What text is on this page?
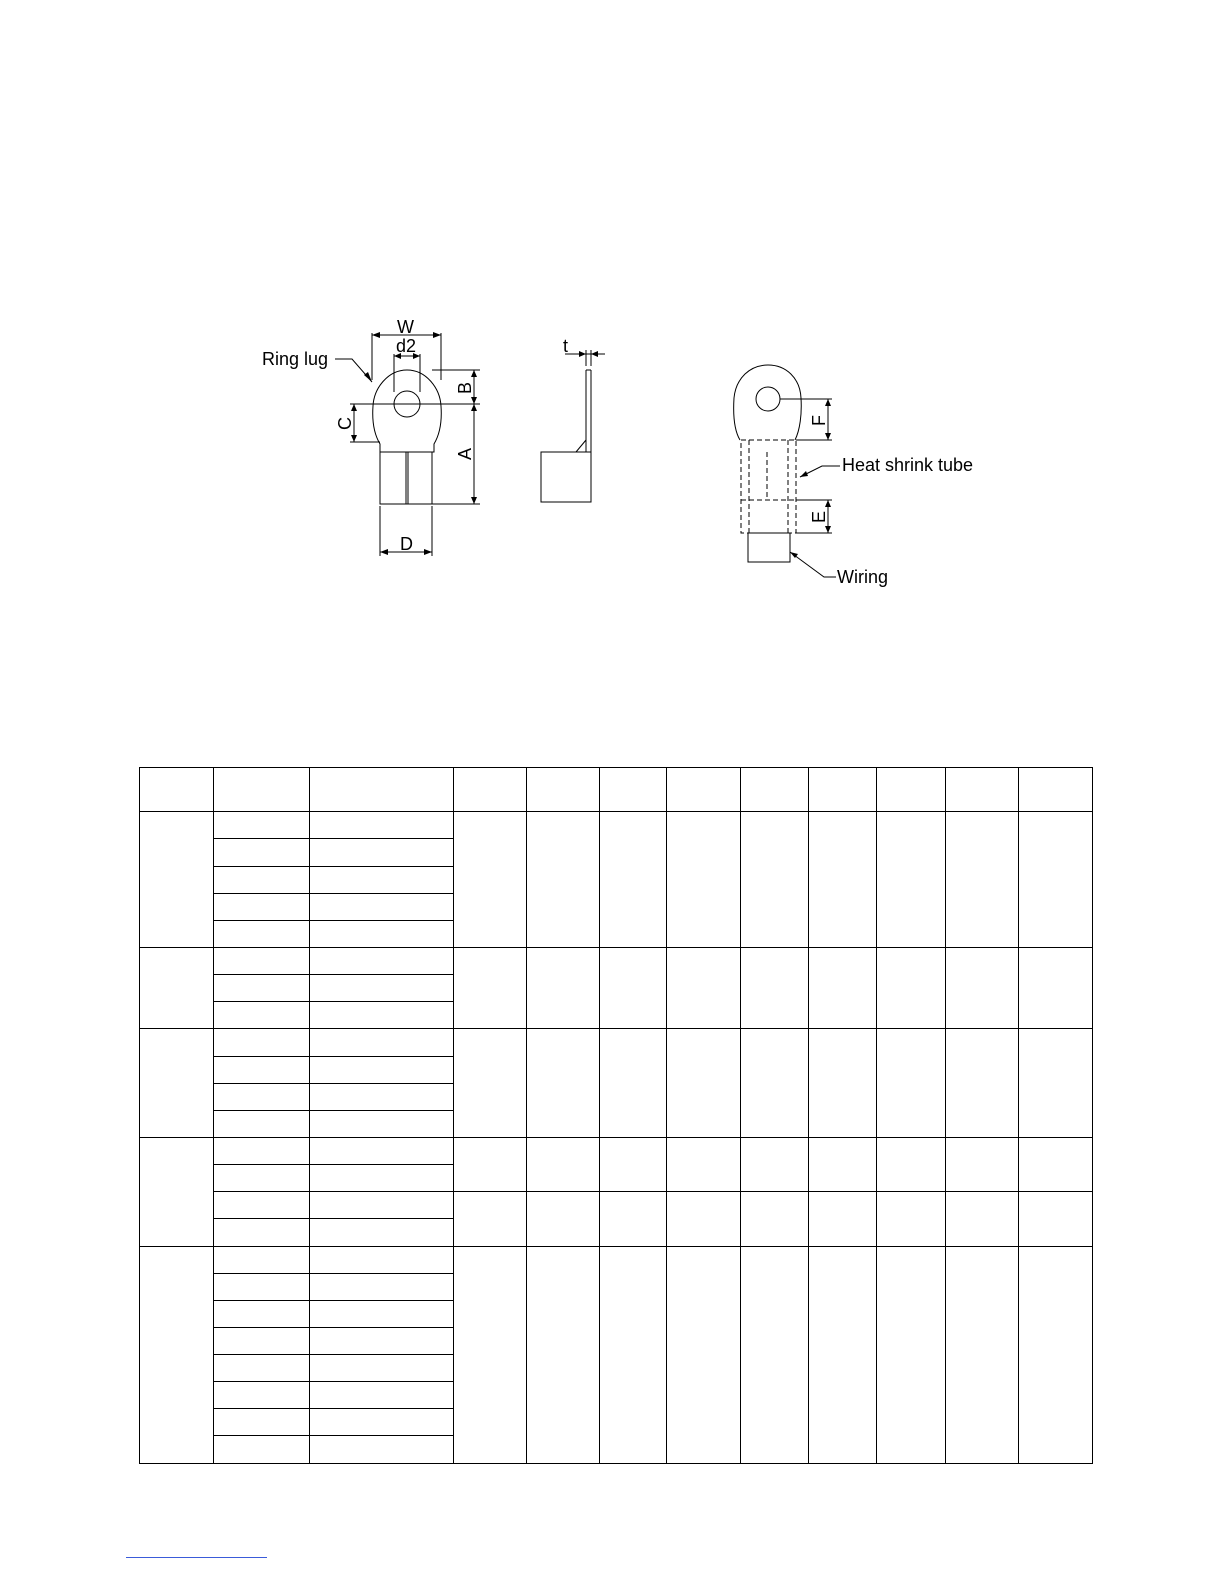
W
d2
Ring lug
B
A
C
D
t
F
Heat shrink tube
E
Wiring
